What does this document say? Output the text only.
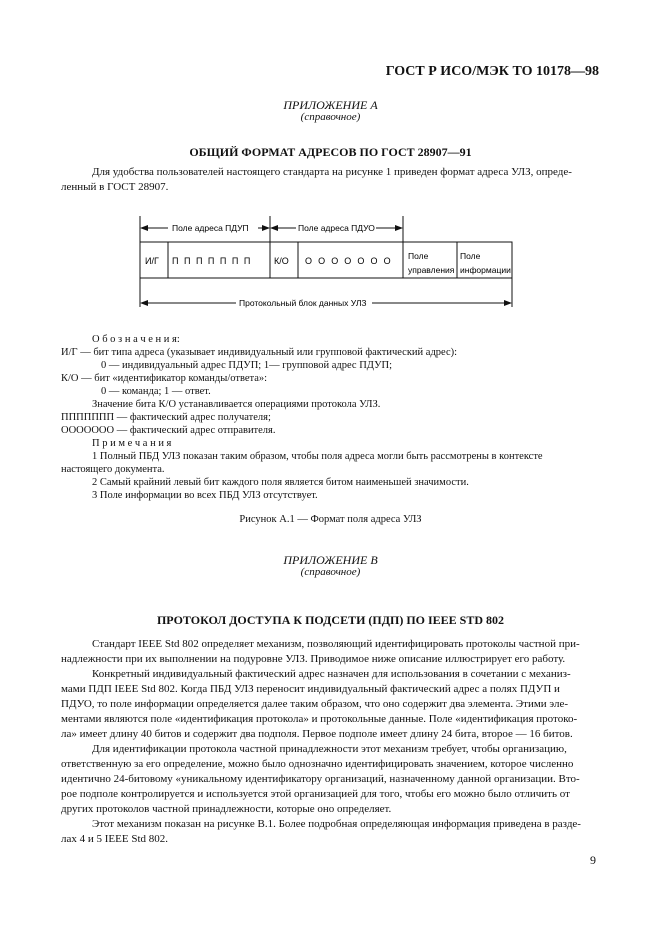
ГОСТ Р ИСО/МЭК ТО 10178—98
ПРИЛОЖЕНИЕ А
(справочное)
ОБЩИЙ ФОРМАТ АДРЕСОВ ПО ГОСТ 28907—91
Для удобства пользователей настоящего стандарта на рисунке 1 приведен формат адреса УЛЗ, опреде-
ленный в ГОСТ 28907.
Поле адреса ПДУП	Поле адреса ПДУО
И/Г П П П П П П П К/О О О О О О О О Поле
управления
Поле
информации
Протокольный блок данных УЛЗ
О б о з н а ч е н и я:
И/Г — бит типа адреса (указывает индивидуальный или групповой фактический адрес):
0 — индивидуальный адрес ПДУП; 1— групповой адрес ПДУП;
К/О — бит «идентификатор команды/ответа»:
0 — команда; 1 — ответ.
Значение бита К/О устанавливается операциями протокола УЛЗ.
ППППППП — фактический адрес получателя;
ООООООО — фактический адрес отправителя.
П р и м е ч а н и я
1 Полный ПБД УЛЗ показан таким образом, чтобы поля адреса могли быть рассмотрены в контексте
настоящего документа.
2 Самый крайний левый бит каждого поля является битом наименьшей значимости.
3 Поле информации во всех ПБД УЛЗ отсутствует.
Рисунок А.1 — Формат поля адреса УЛЗ
ПРИЛОЖЕНИЕ В
(справочное)
ПРОТОКОЛ ДОСТУПА К ПОДСЕТИ (ПДП) ПО IEEE STD 802
Стандарт IEEE Std 802 определяет механизм, позволяющий идентифицировать протоколы частной при-
надлежности при их выполнении на подуровне УЛЗ. Приводимое ниже описание иллюстрирует его работу.
Конкретный индивидуальный фактический адрес назначен для использования в сочетании с механиз-
мами ПДП IEEE Std 802. Когда ПБД УЛЗ переносит индивидуальный фактический адрес а полях ПДУП и
ПДУО, то поле информации определяется далее таким образом, что оно содержит два элемента. Этими эле-
ментами являются поле «идентификация протокола» и протокольные данные. Поле «идентификация протоко-
ла» имеет длину 40 битов и содержит два подполя. Первое подполе имеет длину 24 бита, второе — 16 битов.
Для идентификации протокола частной принадлежности этот механизм требует, чтобы организацию,
ответственную за его определение, можно было однозначно идентифицировать значением, которое численно
идентично 24-битовому «уникальному идентификатору организаций, назначенному данной организации. Вто-
рое подполе контролируется и используется этой организацией для того, чтобы его можно было отличить от
других протоколов частной принадлежности, которые оно определяет.
Этот механизм показан на рисунке В.1. Более подробная определяющая информация приведена в разде-
лах 4 и 5 IEEE Std 802.
9
